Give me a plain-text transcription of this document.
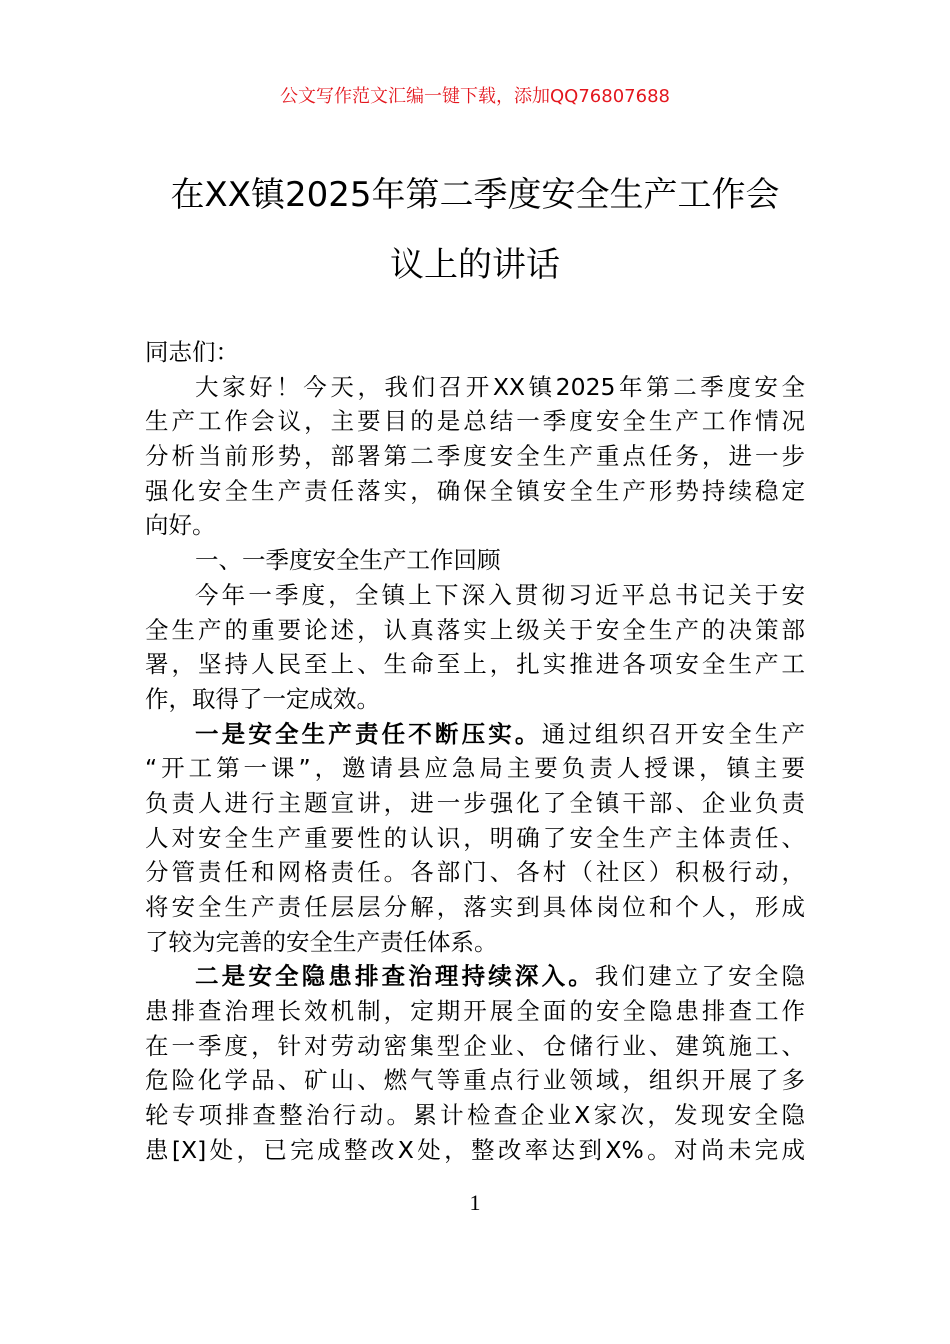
公文写作范文汇编一键下载，添加QQ76807688
在XX镇2025年第二季度安全生产工作会
议上的讲话
同志们：
大家好！今天，我们召开XX镇2025年第二季度安全
生产工作会议，主要目的是总结一季度安全生产工作情况
分析当前形势，部署第二季度安全生产重点任务，进一步
强化安全生产责任落实，确保全镇安全生产形势持续稳定
向好。
一、一季度安全生产工作回顾
今年一季度，全镇上下深入贯彻习近平总书记关于安
全生产的重要论述，认真落实上级关于安全生产的决策部
署，坚持人民至上、生命至上，扎实推进各项安全生产工
作，取得了一定成效。
一是安全生产责任不断压实。通过组织召开安全生产
“开工第一课”，邀请县应急局主要负责人授课，镇主要
负责人进行主题宣讲，进一步强化了全镇干部、企业负责
人对安全生产重要性的认识，明确了安全生产主体责任、
分管责任和网格责任。各部门、各村（社区）积极行动，
将安全生产责任层层分解，落实到具体岗位和个人，形成
了较为完善的安全生产责任体系。
二是安全隐患排查治理持续深入。我们建立了安全隐
患排查治理长效机制，定期开展全面的安全隐患排查工作
在一季度，针对劳动密集型企业、仓储行业、建筑施工、
危险化学品、矿山、燃气等重点行业领域，组织开展了多
轮专项排查整治行动。累计检查企业X家次，发现安全隐
患[X]处，已完成整改X处，整改率达到X%。对尚未完成
1
